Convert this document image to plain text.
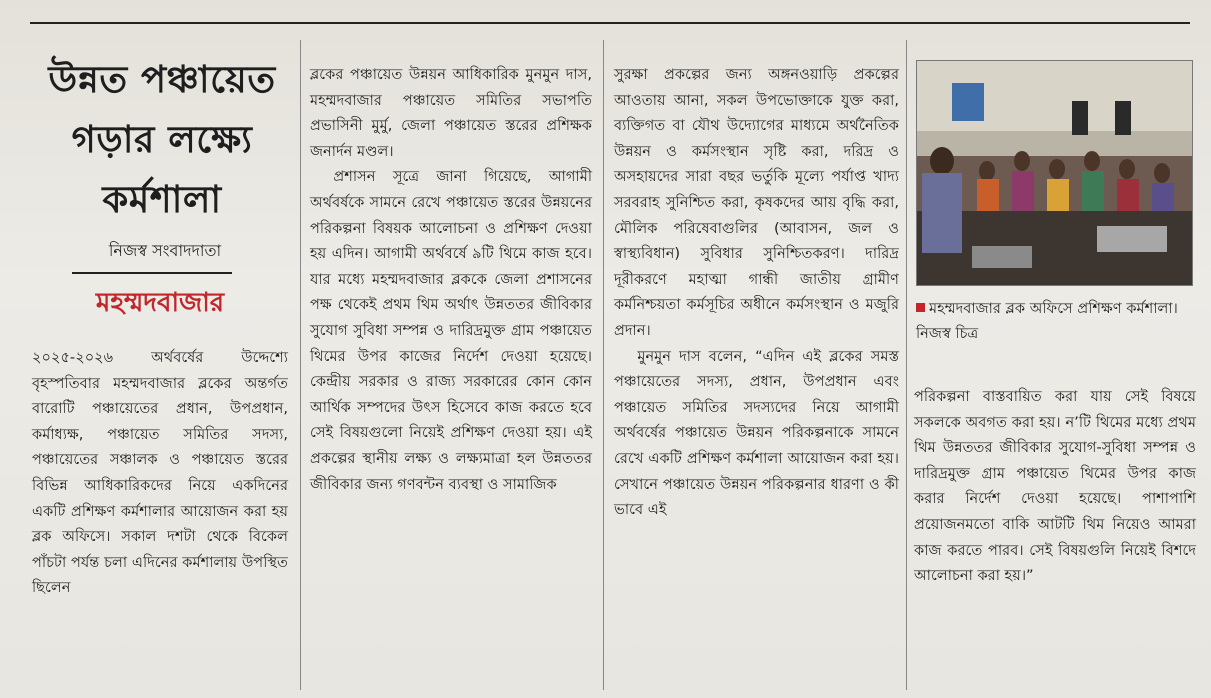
উন্নত পঞ্চায়েত গড়ার লক্ষ্যে কর্মশালা
নিজস্ব সংবাদদাতা
মহম্মদবাজার

২০২৫-২০২৬ অর্থবর্ষের উদ্দেশ্যে বৃহস্পতিবার মহম্মদবাজার ব্লকের অন্তর্গত বারোটি পঞ্চায়েতের প্রধান, উপপ্রধান, কর্মাধ্যক্ষ, পঞ্চায়েত সমিতির সদস্য, পঞ্চায়েতের সঞ্চালক ও পঞ্চায়েত স্তরের বিভিন্ন আধিকারিকদের নিয়ে একদিনের একটি প্রশিক্ষণ কর্মশালার আয়োজন করা হয় ব্লক অফিসে। সকাল দশটা থেকে বিকেল পাঁচটা পর্যন্ত চলা এদিনের কর্মশালায় উপস্থিত ছিলেন

ব্লকের পঞ্চায়েত উন্নয়ন আধিকারিক মুনমুন দাস, মহম্মদবাজার পঞ্চায়েত সমিতির সভাপতি প্রভাসিনী মুর্মু, জেলা পঞ্চায়েত স্তরের প্রশিক্ষক জনার্দন মণ্ডল।

প্রশাসন সূত্রে জানা গিয়েছে, আগামী অর্থবর্ষকে সামনে রেখে পঞ্চায়েত স্তরের উন্নয়নের পরিকল্পনা বিষয়ক আলোচনা ও প্রশিক্ষণ দেওয়া হয় এদিন। আগামী অর্থবর্ষে ৯টি থিমে কাজ হবে। যার মধ্যে মহম্মদবাজার ব্লককে জেলা প্রশাসনের পক্ষ থেকেই প্রথম থিম অর্থাৎ উন্নততর জীবিকার সুযোগ সুবিধা সম্পন্ন ও দারিদ্রমুক্ত গ্রাম পঞ্চায়েত থিমের উপর কাজের নির্দেশ দেওয়া হয়েছে। কেন্দ্রীয় সরকার ও রাজ্য সরকারের কোন কোন আর্থিক সম্পদের উৎস হিসেবে কাজ করতে হবে সেই বিষয়গুলো নিয়েই প্রশিক্ষণ দেওয়া হয়। এই প্রকল্পের স্থানীয় লক্ষ্য ও লক্ষ্যমাত্রা হল উন্নততর জীবিকার জন্য গণবন্টন ব্যবস্থা ও সামাজিক

সুরক্ষা প্রকল্পের জন্য অঙ্গনওয়াড়ি প্রকল্পের আওতায় আনা, সকল উপভোক্তাকে যুক্ত করা, ব্যক্তিগত বা যৌথ উদ্যোগের মাধ্যমে অর্থনৈতিক উন্নয়ন ও কর্মসংস্থান সৃষ্টি করা, দরিদ্র ও অসহায়দের সারা বছর ভর্তুকি মূল্যে পর্যাপ্ত খাদ্য সরবরাহ সুনিশ্চিত করা, কৃষকদের আয় বৃদ্ধি করা, মৌলিক পরিষেবাগুলির (আবাসন, জল ও স্বাস্থ্যবিধান) সুবিধার সুনিশ্চিতকরণ। দারিদ্র দূরীকরণে মহাত্মা গান্ধী জাতীয় গ্রামীণ কর্মনিশ্চয়তা কর্মসূচির অধীনে কর্মসংস্থান ও মজুরি প্রদান।

মুনমুন দাস বলেন, “এদিন এই ব্লকের সমস্ত পঞ্চায়েতের সদস্য, প্রধান, উপপ্রধান এবং পঞ্চায়েত সমিতির সদস্যদের নিয়ে আগামী অর্থবর্ষের পঞ্চায়েত উন্নয়ন পরিকল্পনাকে সামনে রেখে একটি প্রশিক্ষণ কর্মশালা আয়োজন করা হয়। সেখানে পঞ্চায়েত উন্নয়ন পরিকল্পনার ধারণা ও কী ভাবে এই

মহম্মদবাজার ব্লক অফিসে প্রশিক্ষণ কর্মশালা। নিজস্ব চিত্র

পরিকল্পনা বাস্তবায়িত করা যায় সেই বিষয়ে সকলকে অবগত করা হয়। ন’টি থিমের মধ্যে প্রথম থিম উন্নততর জীবিকার সুযোগ-সুবিধা সম্পন্ন ও দারিদ্রমুক্ত গ্রাম পঞ্চায়েত থিমের উপর কাজ করার নির্দেশ দেওয়া হয়েছে। পাশাপাশি প্রয়োজনমতো বাকি আটটি থিম নিয়েও আমরা কাজ করতে পারব। সেই বিষয়গুলি নিয়েই বিশদে আলোচনা করা হয়।”
